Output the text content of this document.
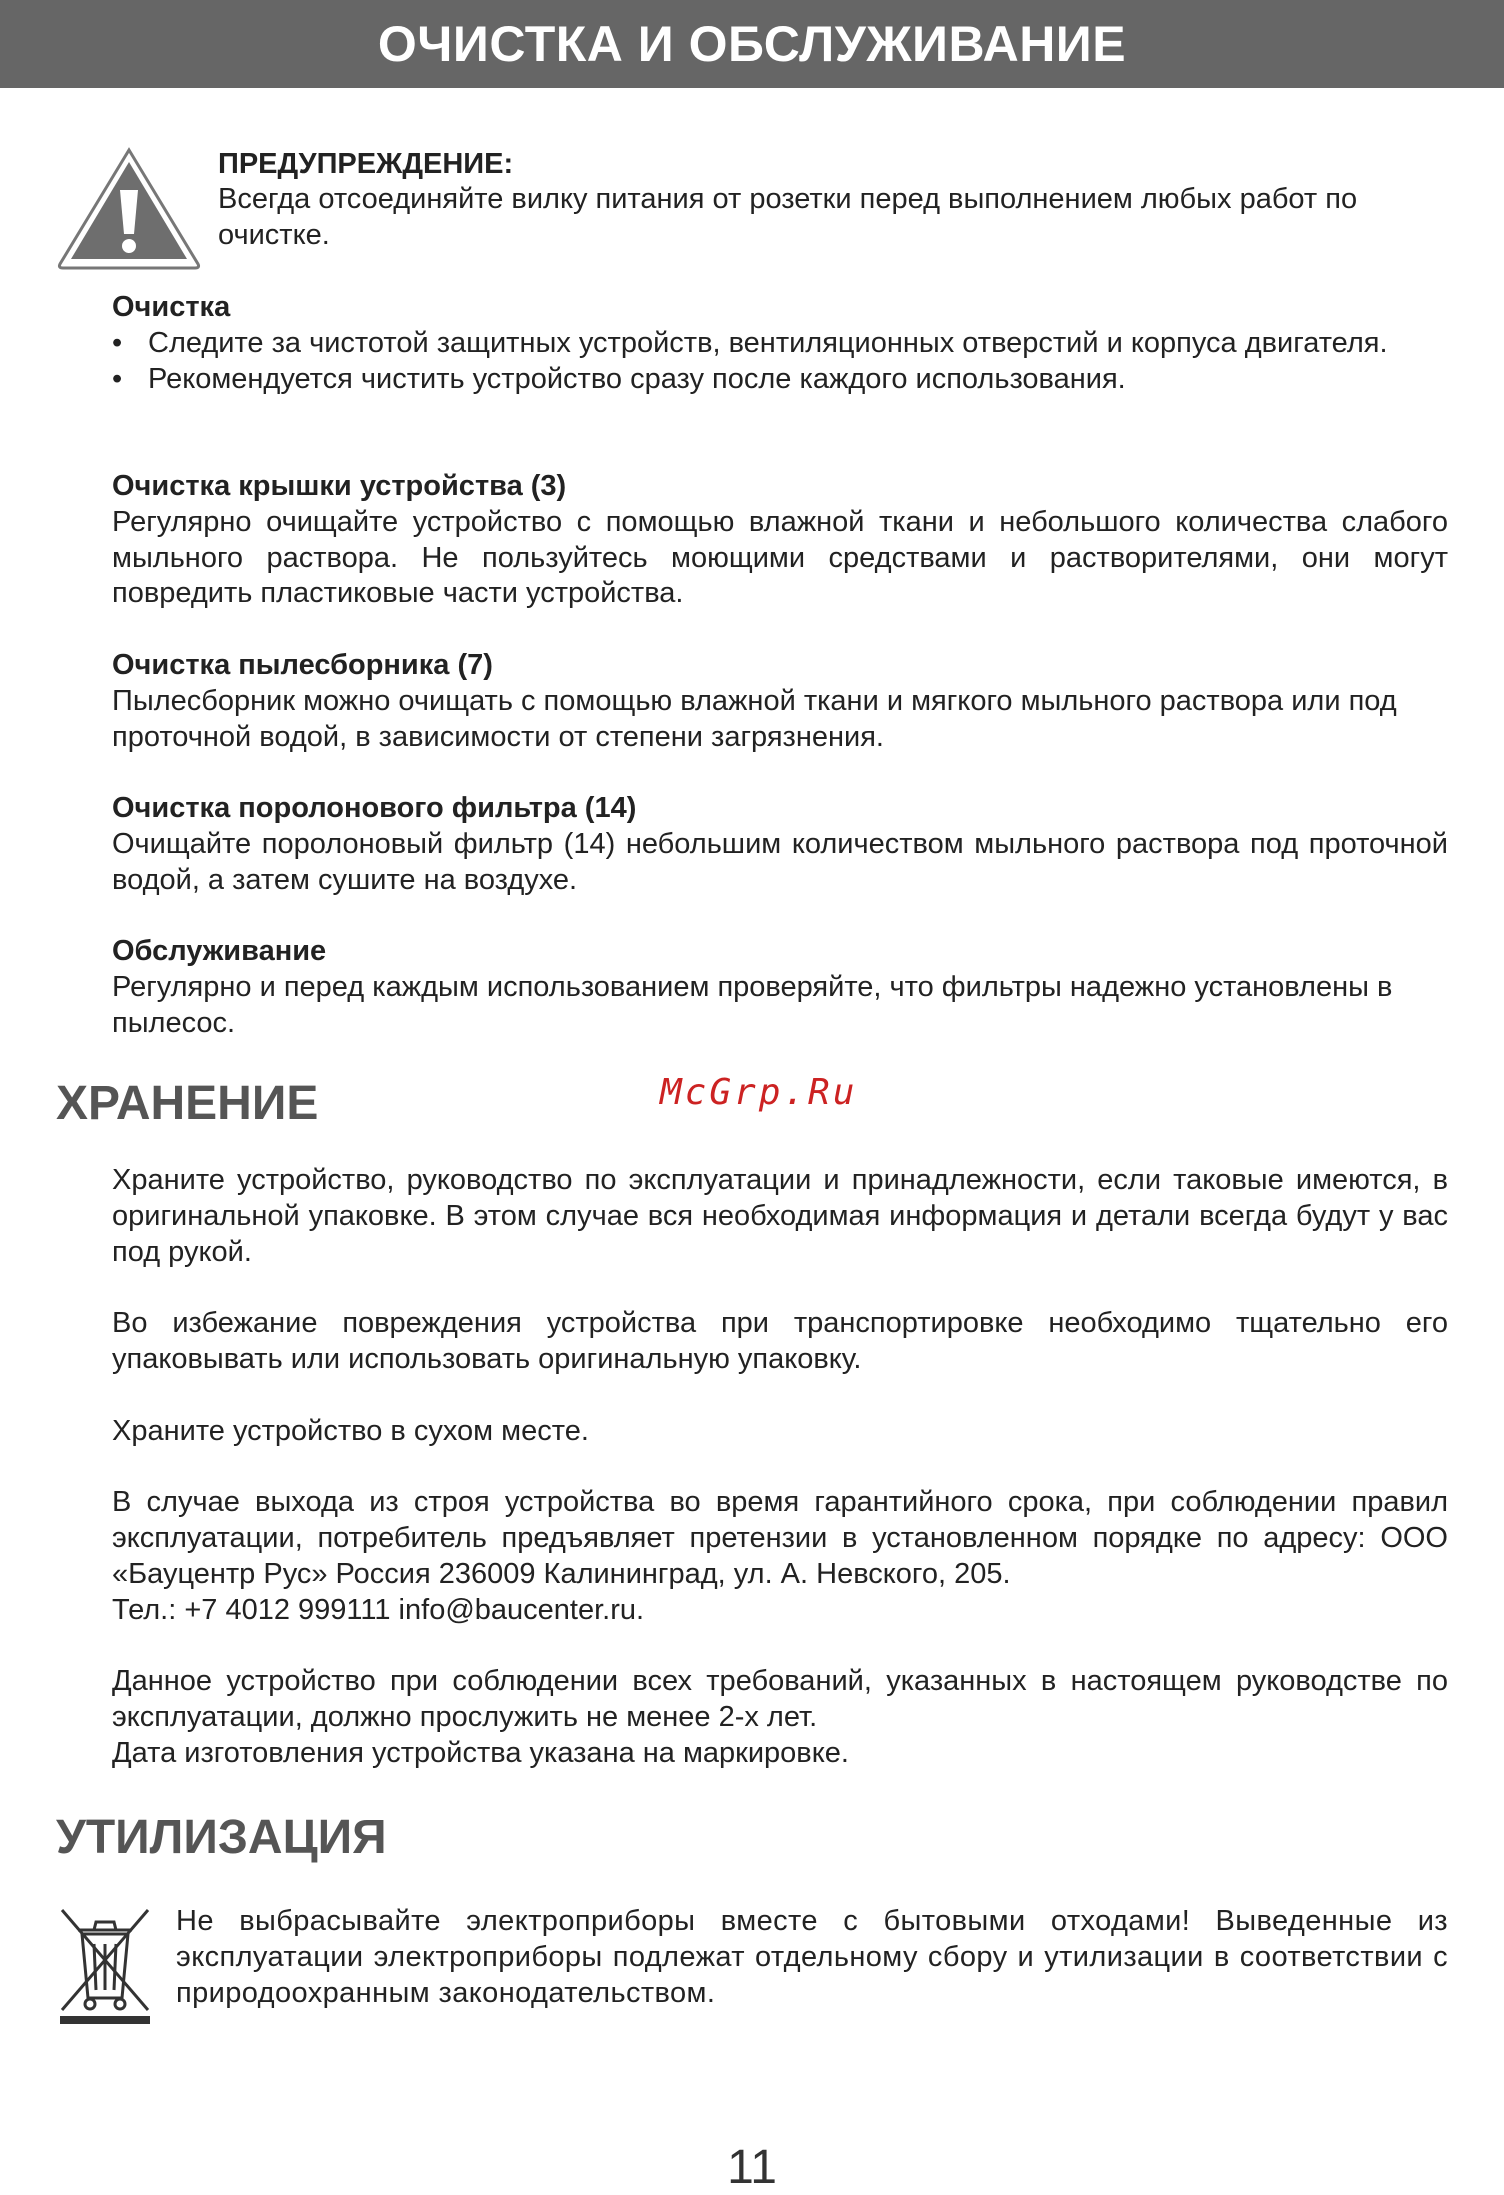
ОЧИСТКА И ОБСЛУЖИВАНИЕ
ПРЕДУПРЕЖДЕНИЕ:
Всегда отсоединяйте вилку питания от розетки перед выполнением любых работ по очистке.
Очистка
• Следите за чистотой защитных устройств, вентиляционных отверстий и корпуса двигателя.
• Рекомендуется чистить устройство сразу после каждого использования.
Очистка крышки устройства (3)
Регулярно очищайте устройство с помощью влажной ткани и небольшого количества слабого мыльного раствора. Не пользуйтесь моющими средствами и растворителями, они могут повредить пластиковые части устройства.
Очистка пылесборника (7)
Пылесборник можно очищать с помощью влажной ткани и мягкого мыльного раствора или под проточной водой, в зависимости от степени загрязнения.
Очистка поролонового фильтра (14)
Очищайте поролоновый фильтр (14) небольшим количеством мыльного раствора под проточной водой, а затем сушите на воздухе.
Обслуживание
Регулярно и перед каждым использованием проверяйте, что фильтры надежно установлены в пылесос.
ХРАНЕНИЕ	McGrp.Ru
Храните устройство, руководство по эксплуатации и принадлежности, если таковые имеются, в оригинальной упаковке. В этом случае вся необходимая информация и детали всегда будут у вас под рукой.
Во избежание повреждения устройства при транспортировке необходимо тщательно его упаковывать или использовать оригинальную упаковку.
Храните устройство в сухом месте.
В случае выхода из строя устройства во время гарантийного срока, при соблюдении правил эксплуатации, потребитель предъявляет претензии в установленном порядке по адресу: ООО «Бауцентр Рус» Россия 236009 Калининград, ул. А. Невского, 205.
Тел.: +7 4012 999111 info@baucenter.ru.
Данное устройство при соблюдении всех требований, указанных в настоящем руководстве по эксплуатации, должно прослужить не менее 2-х лет.
Дата изготовления устройства указана на маркировке.
УТИЛИЗАЦИЯ
Не выбрасывайте электроприборы вместе с бытовыми отходами! Выведенные из эксплуатации электроприборы подлежат отдельному сбору и утилизации в соответствии с природоохранным законодательством.
11
